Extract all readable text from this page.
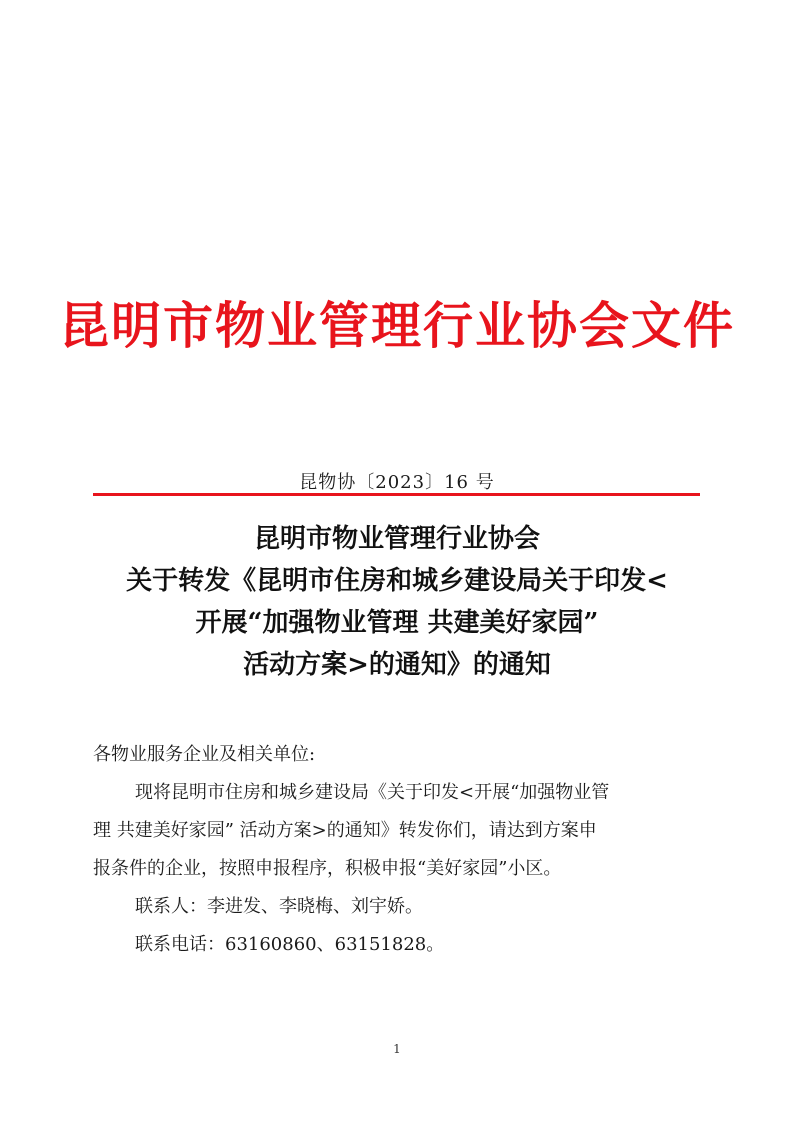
昆明市物业管理行业协会文件
昆物协〔2023〕16 号
昆明市物业管理行业协会
关于转发《昆明市住房和城乡建设局关于印发<
开展“加强物业管理 共建美好家园”
活动方案>的通知》的通知
各物业服务企业及相关单位:
现将昆明市住房和城乡建设局《关于印发<开展“加强物业管
理 共建美好家园” 活动方案>的通知》转发你们，请达到方案申
报条件的企业，按照申报程序，积极申报“美好家园”小区。
联系人：李进发、李晓梅、刘宇娇。
联系电话：63160860、63151828。
1
